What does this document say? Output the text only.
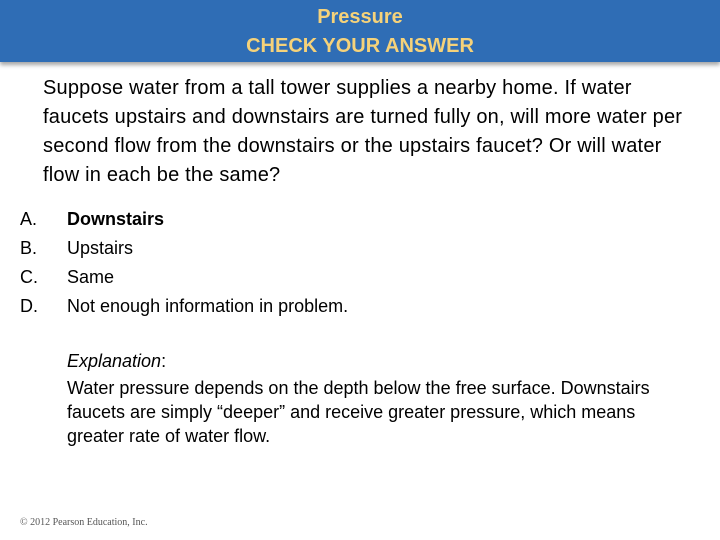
Pressure
CHECK YOUR ANSWER
Suppose water from a tall tower supplies a nearby home. If water faucets upstairs and downstairs are turned fully on, will more water per second flow from the downstairs or the upstairs faucet? Or will water flow in each be the same?
A.	Downstairs
B.	Upstairs
C.	Same
D.	Not enough information in problem.
Explanation:
Water pressure depends on the depth below the free surface. Downstairs faucets are simply “deeper” and receive greater pressure, which means greater rate of water flow.
© 2012 Pearson Education, Inc.
